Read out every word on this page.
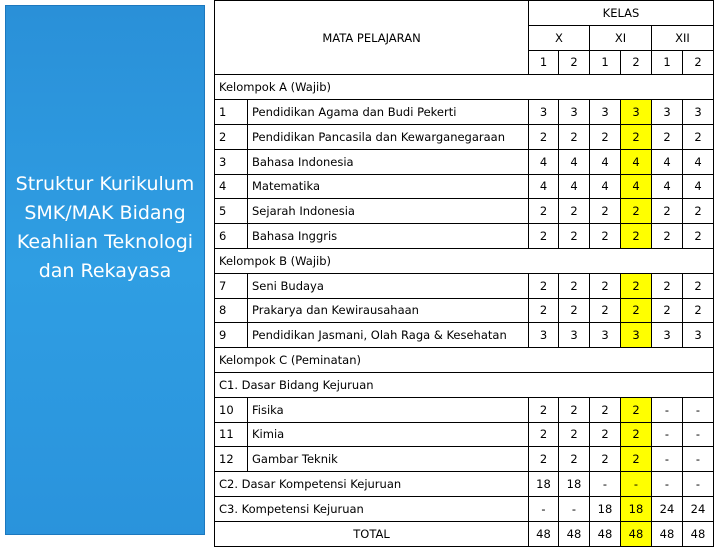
Struktur Kurikulum SMK/MAK Bidang Keahlian Teknologi dan Rekayasa
MATA PELAJARAN		KELAS					
		X		XI		XII	
		1	2	1	2	1	2
Kelompok A (Wajib)							
1	Pendidikan Agama dan Budi Pekerti	3	3	3	3	3	3
2	Pendidikan Pancasila dan Kewarganegaraan	2	2	2	2	2	2
3	Bahasa Indonesia	4	4	4	4	4	4
4	Matematika	4	4	4	4	4	4
5	Sejarah Indonesia	2	2	2	2	2	2
6	Bahasa Inggris	2	2	2	2	2	2
Kelompok B (Wajib)							
7	Seni Budaya	2	2	2	2	2	2
8	Prakarya dan Kewirausahaan	2	2	2	2	2	2
9	Pendidikan Jasmani, Olah Raga & Kesehatan	3	3	3	3	3	3
Kelompok C (Peminatan)							
C1. Dasar Bidang Kejuruan							
10	Fisika	2	2	2	2	-	-
11	Kimia	2	2	2	2	-	-
12	Gambar Teknik	2	2	2	2	-	-
C2. Dasar Kompetensi Kejuruan		18	18	-	-	-	-
C3. Kompetensi Kejuruan		-	-	18	18	24	24
TOTAL		48	48	48	48	48	48
